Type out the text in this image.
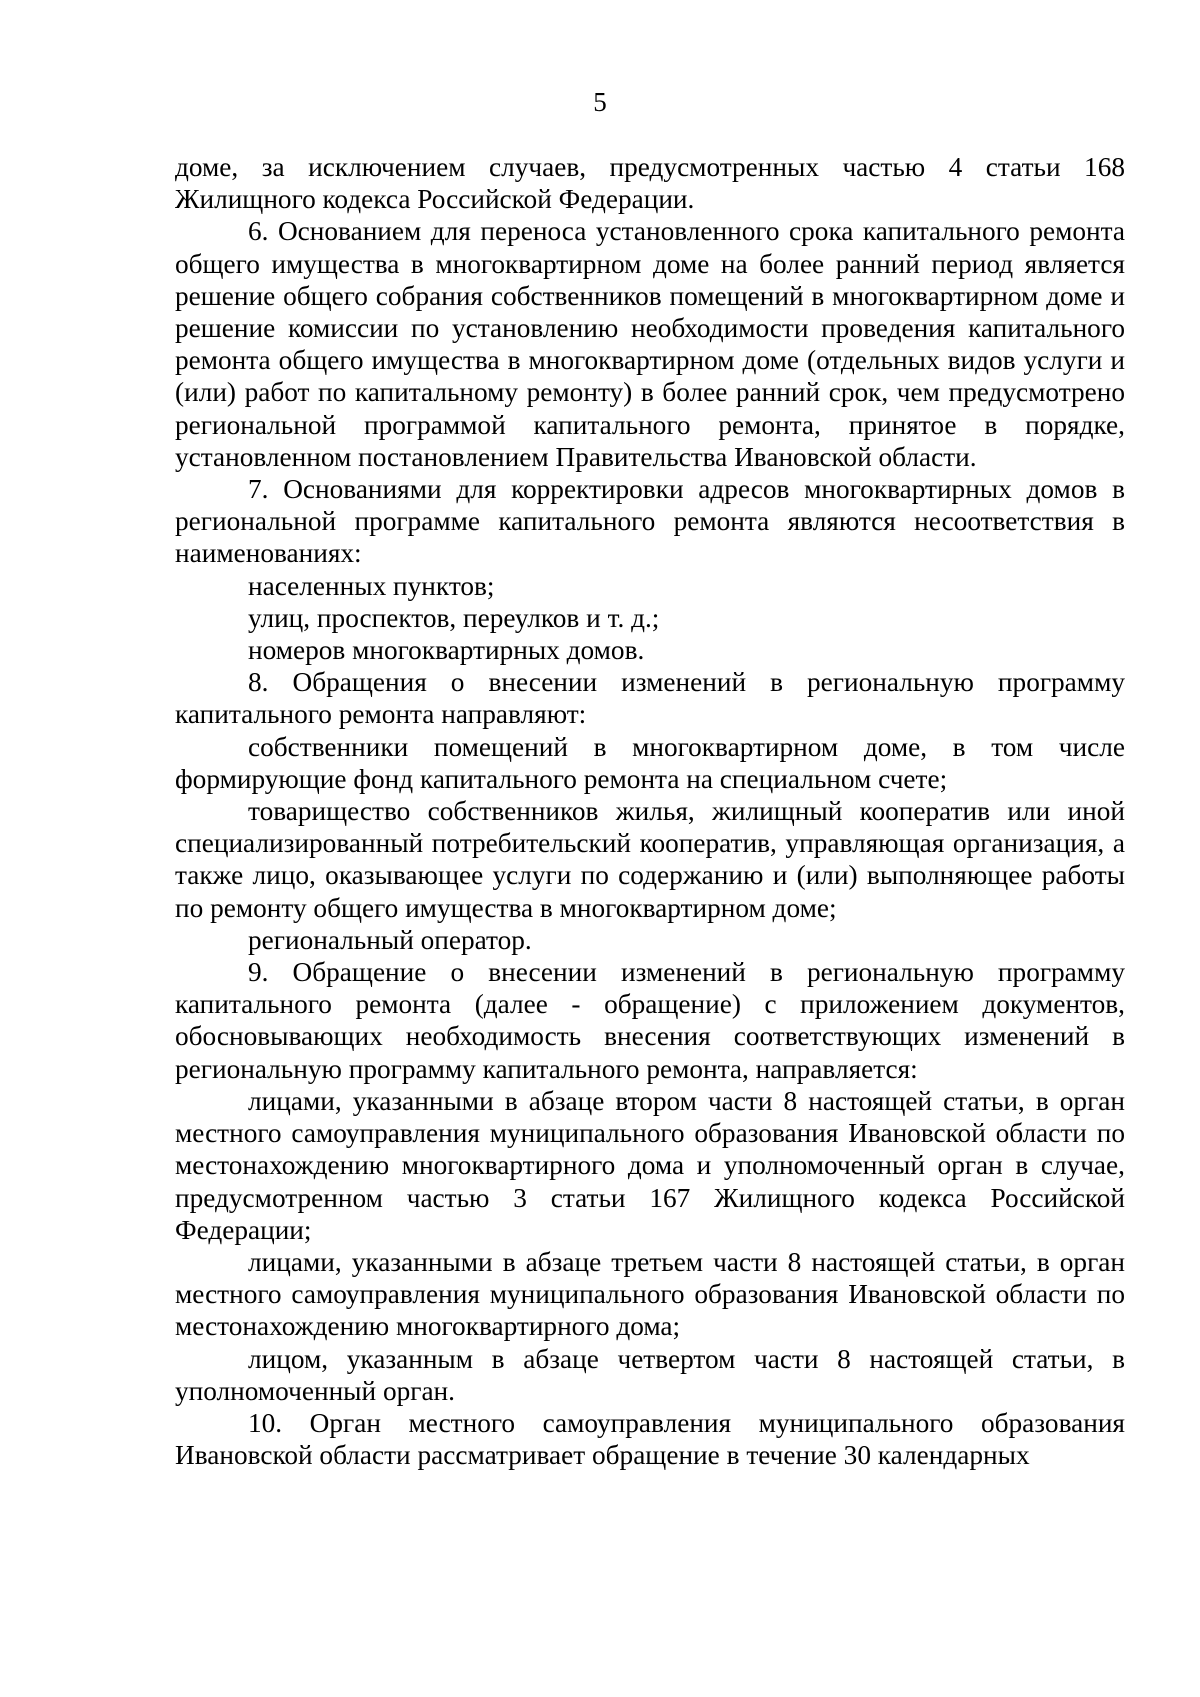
5

доме, за исключением случаев, предусмотренных частью 4 статьи 168 Жилищного кодекса Российской Федерации.

6. Основанием для переноса установленного срока капитального ремонта общего имущества в многоквартирном доме на более ранний период является решение общего собрания собственников помещений в многоквартирном доме и решение комиссии по установлению необходимости проведения капитального ремонта общего имущества в многоквартирном доме (отдельных видов услуги и (или) работ по капитальному ремонту) в более ранний срок, чем предусмотрено региональной программой капитального ремонта, принятое в порядке, установленном постановлением Правительства Ивановской области.

7. Основаниями для корректировки адресов многоквартирных домов в региональной программе капитального ремонта являются несоответствия в наименованиях:

населенных пунктов;

улиц, проспектов, переулков и т. д.;

номеров многоквартирных домов.

8. Обращения о внесении изменений в региональную программу капитального ремонта направляют:

собственники помещений в многоквартирном доме, в том числе формирующие фонд капитального ремонта на специальном счете;

товарищество собственников жилья, жилищный кооператив или иной специализированный потребительский кооператив, управляющая организация, а также лицо, оказывающее услуги по содержанию и (или) выполняющее работы по ремонту общего имущества в многоквартирном доме;

региональный оператор.

9. Обращение о внесении изменений в региональную программу капитального ремонта (далее - обращение) с приложением документов, обосновывающих необходимость внесения соответствующих изменений в региональную программу капитального ремонта, направляется:

лицами, указанными в абзаце втором части 8 настоящей статьи, в орган местного самоуправления муниципального образования Ивановской области по местонахождению многоквартирного дома и уполномоченный орган в случае, предусмотренном частью 3 статьи 167 Жилищного кодекса Российской Федерации;

лицами, указанными в абзаце третьем части 8 настоящей статьи, в орган местного самоуправления муниципального образования Ивановской области по местонахождению многоквартирного дома;

лицом, указанным в абзаце четвертом части 8 настоящей статьи, в уполномоченный орган.

10. Орган местного самоуправления муниципального образования Ивановской области рассматривает обращение в течение 30 календарных
